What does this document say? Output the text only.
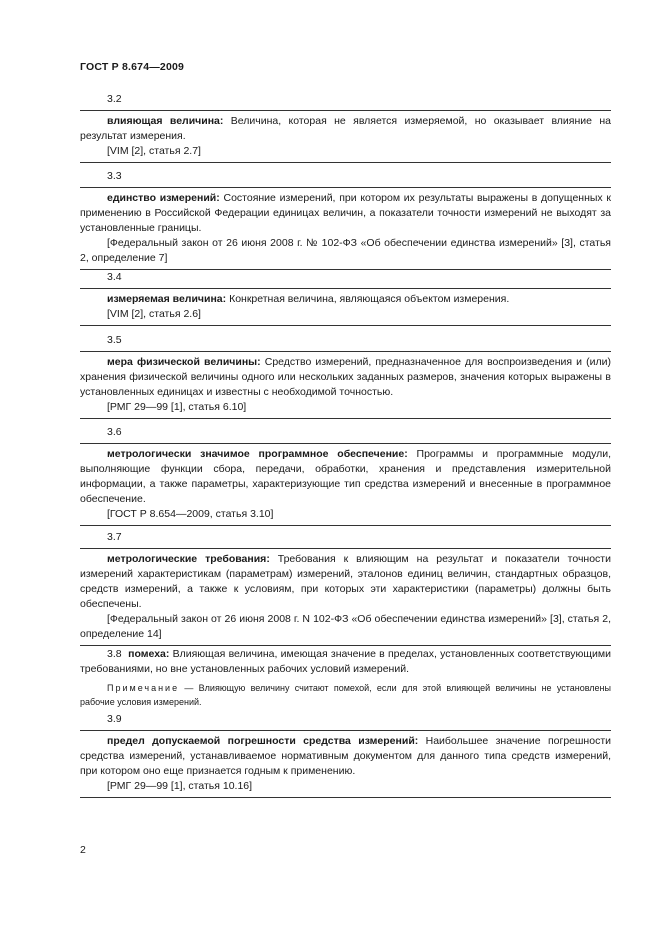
ГОСТ Р 8.674—2009
3.2

влияющая величина: Величина, которая не является измеряемой, но оказывает влияние на результат измерения.

[VIM [2], статья 2.7]

3.3

единство измерений: Состояние измерений, при котором их результаты выражены в допущенных к применению в Российской Федерации единицах величин, а показатели точности измерений не выходят за установленные границы.

[Федеральный закон от 26 июня 2008 г. № 102-ФЗ «Об обеспечении единства измерений» [3], статья 2, определение 7]

3.4

измеряемая величина: Конкретная величина, являющаяся объектом измерения.

[VIM [2], статья 2.6]

3.5

мера физической величины: Средство измерений, предназначенное для воспроизведения и (или) хранения физической величины одного или нескольких заданных размеров, значения которых выражены в установленных единицах и известны с необходимой точностью.

[РМГ 29—99 [1], статья 6.10]

3.6

метрологически значимое программное обеспечение: Программы и программные модули, выполняющие функции сбора, передачи, обработки, хранения и представления измерительной информации, а также параметры, характеризующие тип средства измерений и внесенные в программное обеспечение.

[ГОСТ Р 8.654—2009, статья 3.10]

3.7

метрологические требования: Требования к влияющим на результат и показатели точности измерений характеристикам (параметрам) измерений, эталонов единиц величин, стандартных образцов, средств измерений, а также к условиям, при которых эти характеристики (параметры) должны быть обеспечены.

[Федеральный закон от 26 июня 2008 г. N 102-ФЗ «Об обеспечении единства измерений» [3], статья 2, определение 14]

3.8 помеха: Влияющая величина, имеющая значение в пределах, установленных соответствующими требованиями, но вне установленных рабочих условий измерений.
Примечание — Влияющую величину считают помехой, если для этой влияющей величины не установлены рабочие условия измерений.
3.9

предел допускаемой погрешности средства измерений: Наибольшее значение погрешности средства измерений, устанавливаемое нормативным документом для данного типа средств измерений, при котором оно еще признается годным к применению.

[РМГ 29—99 [1], статья 10.16]

2
